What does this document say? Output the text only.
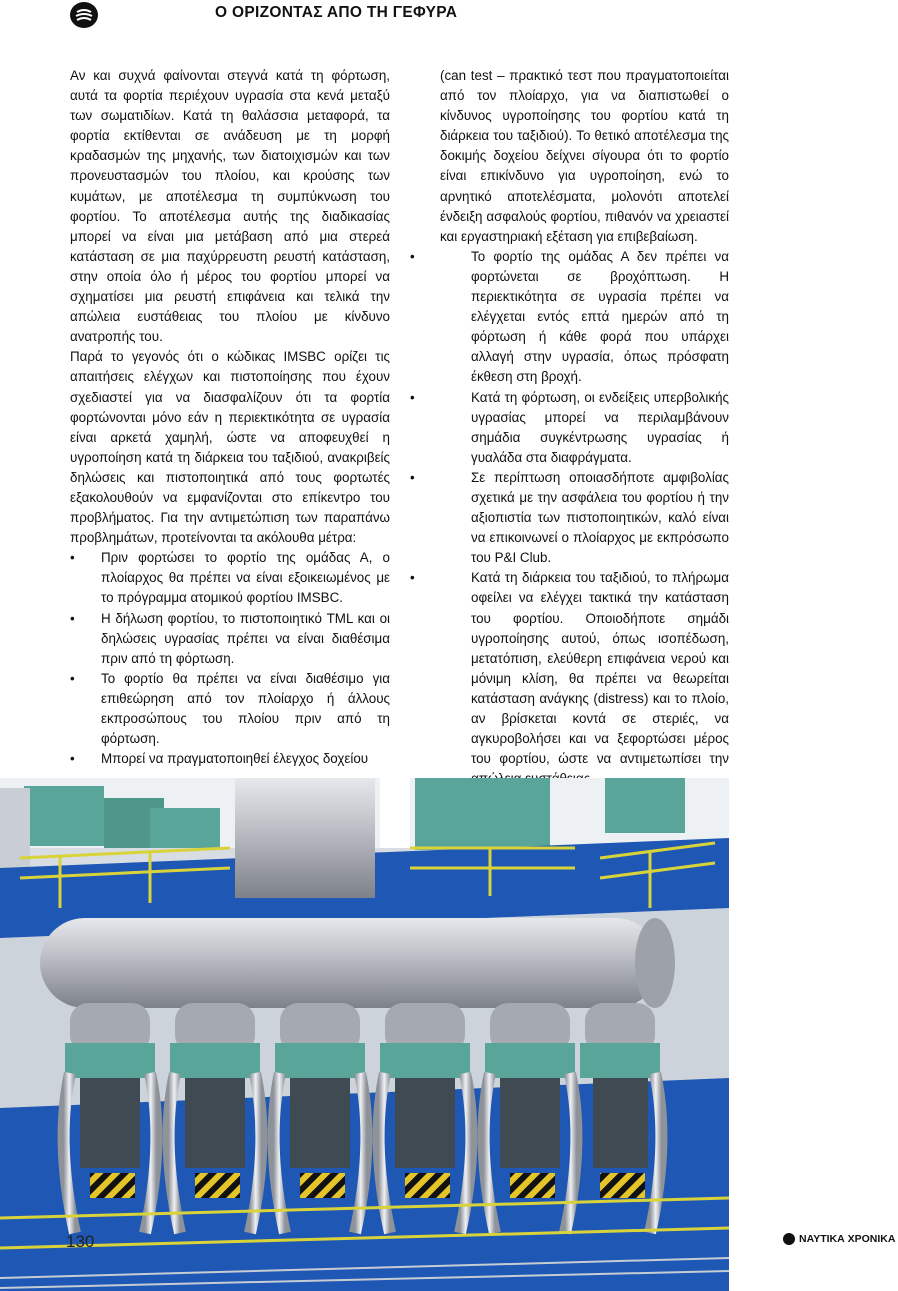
Ο ΟΡΙΖΟΝΤΑΣ ΑΠΟ ΤΗ ΓΕΦΥΡΑ

Αν και συχνά φαίνονται στεγνά κατά τη φόρτωση, αυτά τα φορτία περιέχουν υγρασία στα κενά μεταξύ των σωματιδίων. Κατά τη θαλάσσια μεταφορά, τα φορτία εκτίθενται σε ανάδευση με τη μορφή κραδασμών της μηχανής, των διατοιχισμών και των προνευστασμών του πλοίου, και κρούσης των κυμάτων, με αποτέλεσμα τη συμπύκνωση του φορτίου. Το αποτέλεσμα αυτής της διαδικασίας μπορεί να είναι μια μετάβαση από μια στερεά κατάσταση σε μια παχύρρευστη ρευστή κατάσταση, στην οποία όλο ή μέρος του φορτίου μπορεί να σχηματίσει μια ρευστή επιφάνεια και τελικά την απώλεια ευστάθειας του πλοίου με κίνδυνο ανατροπής του.

Παρά το γεγονός ότι ο κώδικας IMSBC ορίζει τις απαιτήσεις ελέγχων και πιστοποίησης που έχουν σχεδιαστεί για να διασφαλίζουν ότι τα φορτία φορτώνονται μόνο εάν η περιεκτικότητα σε υγρασία είναι αρκετά χαμηλή, ώστε να αποφευχθεί η υγροποίηση κατά τη διάρκεια του ταξιδιού, ανακριβείς δηλώσεις και πιστοποιητικά από τους φορτωτές εξακολουθούν να εμφανίζονται στο επίκεντρο του προβλήματος. Για την αντιμετώπιση των παραπάνω προβλημάτων, προτείνονται τα ακόλουθα μέτρα:

•	Πριν φορτώσει το φορτίο της ομάδας Α, ο πλοίαρχος θα πρέπει να είναι εξοικειωμένος με το πρόγραμμα ατομικού φορτίου IMSBC.
•	Η δήλωση φορτίου, το πιστοποιητικό TML και οι δηλώσεις υγρασίας πρέπει να είναι διαθέσιμα πριν από τη φόρτωση.
•	Το φορτίο θα πρέπει να είναι διαθέσιμο για επιθεώρηση από τον πλοίαρχο ή άλλους εκπροσώπους του πλοίου πριν από τη φόρτωση.
•	Μπορεί να πραγματοποιηθεί έλεγχος δοχείου

(can test – πρακτικό τεστ που πραγματοποιείται από τον πλοίαρχο, για να διαπιστωθεί ο κίνδυνος υγροποίησης του φορτίου κατά τη διάρκεια του ταξιδιού). Το θετικό αποτέλεσμα της δοκιμής δοχείου δείχνει σίγουρα ότι το φορτίο είναι επικίνδυνο για υγροποίηση, ενώ το αρνητικό αποτελέσματα, μολονότι αποτελεί ένδειξη ασφαλούς φορτίου, πιθανόν να χρειαστεί και εργαστηριακή εξέταση για επιβεβαίωση.

•	Το φορτίο της ομάδας Α δεν πρέπει να φορτώνεται σε βροχόπτωση. Η περιεκτικότητα σε υγρασία πρέπει να ελέγχεται εντός επτά ημερών από τη φόρτωση ή κάθε φορά που υπάρχει αλλαγή στην υγρασία, όπως πρόσφατη έκθεση στη βροχή.
•	Κατά τη φόρτωση, οι ενδείξεις υπερβολικής υγρασίας μπορεί να περιλαμβάνουν σημάδια συγκέντρωσης υγρασίας ή γυαλάδα στα διαφράγματα.
•	Σε περίπτωση οποιασδήποτε αμφιβολίας σχετικά με την ασφάλεια του φορτίου ή την αξιοπιστία των πιστοποιητικών, καλό είναι να επικοινωνεί ο πλοίαρχος με εκπρόσωπο του P&I Club.
•	Κατά τη διάρκεια του ταξιδιού, το πλήρωμα οφείλει να ελέγχει τακτικά την κατάσταση του φορτίου. Οποιοδήποτε σημάδι υγροποίησης αυτού, όπως ισοπέδωση, μετατόπιση, ελεύθερη επιφάνεια νερού και μόνιμη κλίση, θα πρέπει να θεωρείται κατάσταση ανάγκης (distress) και το πλοίο, αν βρίσκεται κοντά σε στεριές, να αγκυροβολήσει και να ξεφορτώσει μέρος του φορτίου, ώστε να αντιμετωπίσει την
130	ΝΑΥΤΙΚΑ ΧΡΟΝΙΚΑ
